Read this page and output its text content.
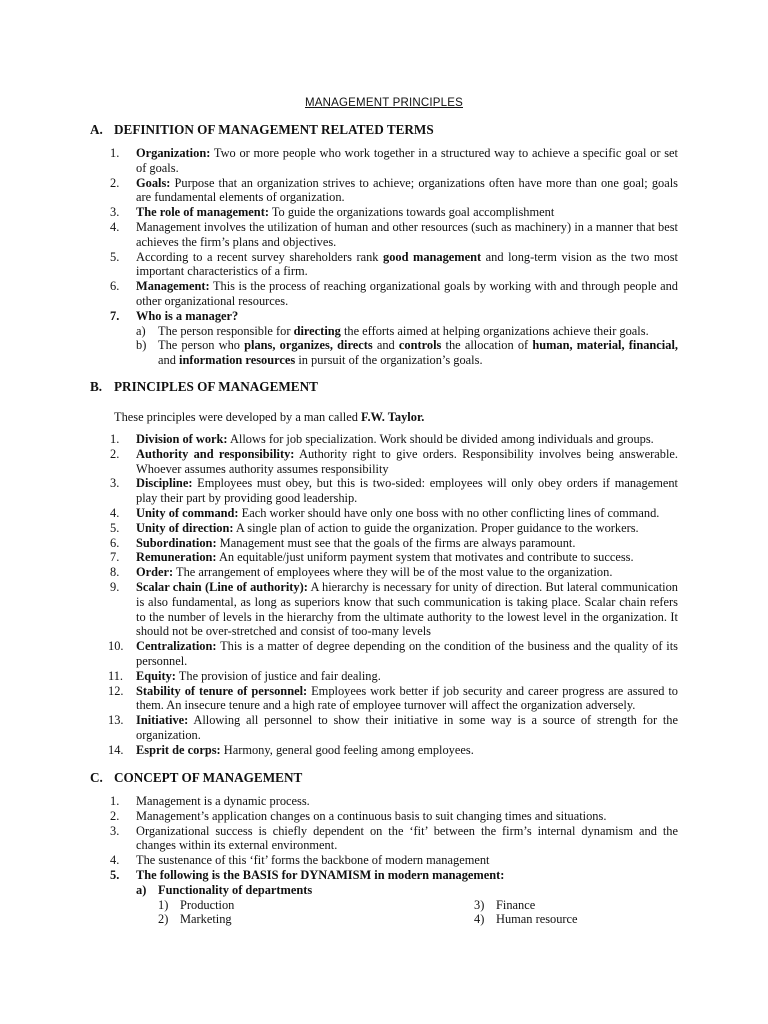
MANAGEMENT PRINCIPLES
A. DEFINITION OF MANAGEMENT RELATED TERMS
1. Organization: Two or more people who work together in a structured way to achieve a specific goal or set of goals.
2. Goals: Purpose that an organization strives to achieve; organizations often have more than one goal; goals are fundamental elements of organization.
3. The role of management: To guide the organizations towards goal accomplishment
4. Management involves the utilization of human and other resources (such as machinery) in a manner that best achieves the firm’s plans and objectives.
5. According to a recent survey shareholders rank good management and long-term vision as the two most important characteristics of a firm.
6. Management: This is the process of reaching organizational goals by working with and through people and other organizational resources.
7. Who is a manager?
a) The person responsible for directing the efforts aimed at helping organizations achieve their goals.
b) The person who plans, organizes, directs and controls the allocation of human, material, financial, and information resources in pursuit of the organization’s goals.
B. PRINCIPLES OF MANAGEMENT
These principles were developed by a man called F.W. Taylor.
1. Division of work: Allows for job specialization. Work should be divided among individuals and groups.
2. Authority and responsibility: Authority right to give orders. Responsibility involves being answerable. Whoever assumes authority assumes responsibility
3. Discipline: Employees must obey, but this is two-sided: employees will only obey orders if management play their part by providing good leadership.
4. Unity of command: Each worker should have only one boss with no other conflicting lines of command.
5. Unity of direction: A single plan of action to guide the organization. Proper guidance to the workers.
6. Subordination: Management must see that the goals of the firms are always paramount.
7. Remuneration: An equitable/just uniform payment system that motivates and contribute to success.
8. Order: The arrangement of employees where they will be of the most value to the organization.
9. Scalar chain (Line of authority): A hierarchy is necessary for unity of direction. But lateral communication is also fundamental, as long as superiors know that such communication is taking place. Scalar chain refers to the number of levels in the hierarchy from the ultimate authority to the lowest level in the organization. It should not be over-stretched and consist of too-many levels
10. Centralization: This is a matter of degree depending on the condition of the business and the quality of its personnel.
11. Equity: The provision of justice and fair dealing.
12. Stability of tenure of personnel: Employees work better if job security and career progress are assured to them. An insecure tenure and a high rate of employee turnover will affect the organization adversely.
13. Initiative: Allowing all personnel to show their initiative in some way is a source of strength for the organization.
14. Esprit de corps: Harmony, general good feeling among employees.
C. CONCEPT OF MANAGEMENT
1. Management is a dynamic process.
2. Management’s application changes on a continuous basis to suit changing times and situations.
3. Organizational success is chiefly dependent on the ‘fit’ between the firm’s internal dynamism and the changes within its external environment.
4. The sustenance of this ‘fit’ forms the backbone of modern management
5. The following is the BASIS for DYNAMISM in modern management:
a) Functionality of departments
1) Production	3) Finance
2) Marketing	4) Human resource
